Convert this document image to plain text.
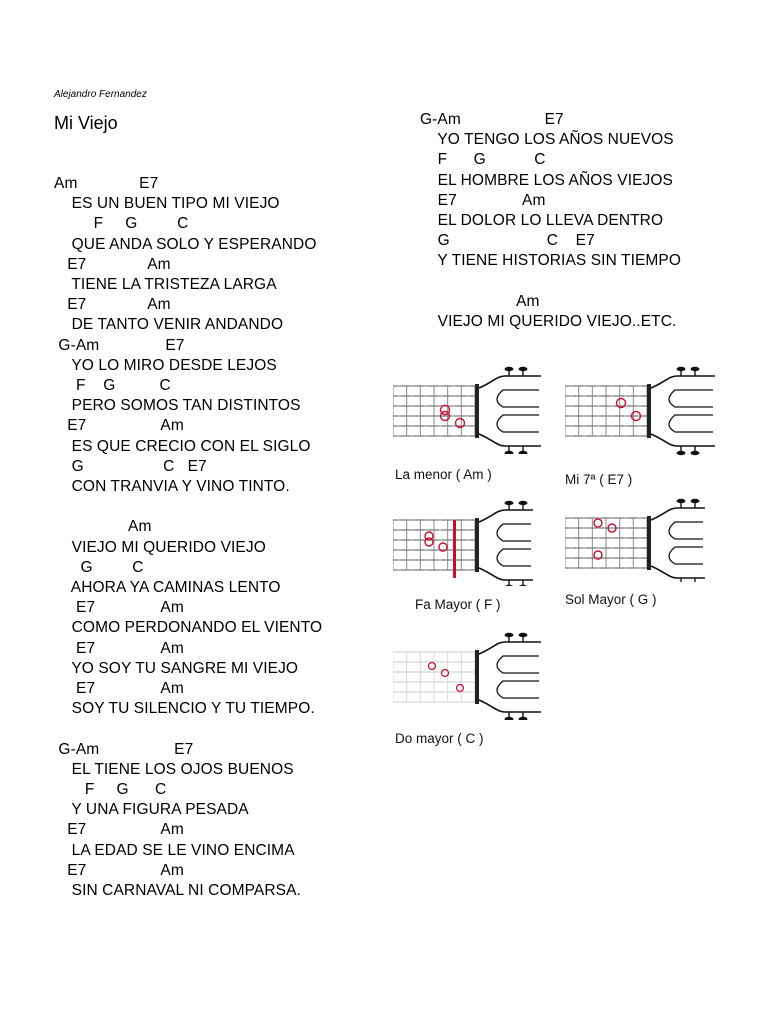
Alejandro Fernandez
Mi Viejo
Am              E7
ES UN BUEN TIPO MI VIEJO
F     G         C
QUE ANDA SOLO Y ESPERANDO
E7              Am
TIENE LA TRISTEZA LARGA
E7              Am
DE TANTO VENIR ANDANDO
G-Am               E7
YO LO MIRO DESDE LEJOS
F    G          C
PERO SOMOS TAN DISTINTOS
E7                 Am
ES QUE CRECIO CON EL SIGLO
G                  C   E7
CON TRANVIA Y VINO TINTO.
Am
VIEJO MI QUERIDO VIEJO
G         C
AHORA YA CAMINAS LENTO
E7               Am
COMO PERDONANDO EL VIENTO
E7               Am
YO SOY TU SANGRE MI VIEJO
E7               Am
SOY TU SILENCIO Y TU TIEMPO.
G-Am                 E7
EL TIENE LOS OJOS BUENOS
F     G      C
Y UNA FIGURA PESADA
E7                 Am
LA EDAD SE LE VINO ENCIMA
E7                 Am
SIN CARNAVAL NI COMPARSA.
G-Am                   E7
YO TENGO LOS AÑOS NUEVOS
F      G           C
EL HOMBRE LOS AÑOS VIEJOS
E7               Am
EL DOLOR LO LLEVA DENTRO
G                      C    E7
Y TIENE HISTORIAS SIN TIEMPO
Am
VIEJO MI QUERIDO VIEJO..ETC.
La menor ( Am )	Mi 7ª ( E7 )
Fa Mayor ( F )	Sol Mayor ( G )
Do mayor ( C )
